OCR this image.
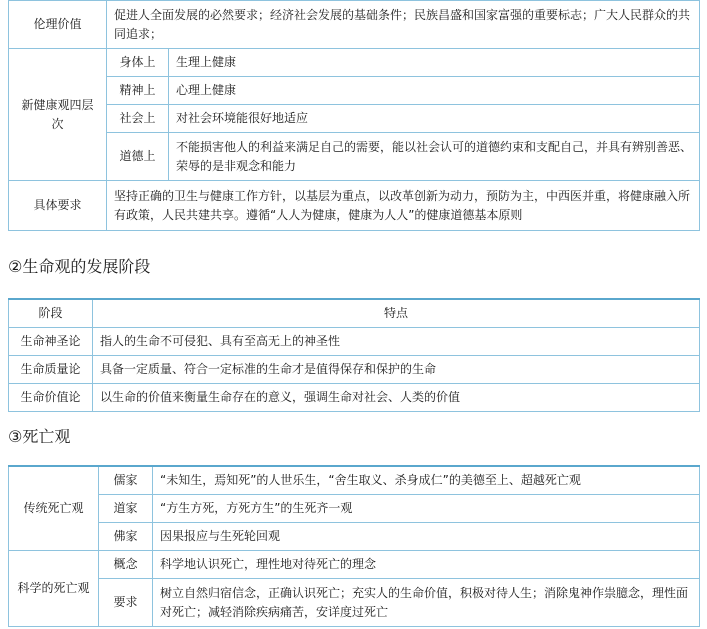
伦理价值	促进人全面发展的必然要求；经济社会发展的基础条件；民族昌盛和国家富强的重要标志；广大人民群众的共同追求；	
新健康观四层次	身体上	生理上健康
	精神上	心理上健康
	社会上	对社会环境能很好地适应
	道德上	不能损害他人的利益来满足自己的需要，能以社会认可的道德约束和支配自己，并具有辨别善恶、荣辱的是非观念和能力
具体要求	坚持正确的卫生与健康工作方针，以基层为重点，以改革创新为动力，预防为主，中西医并重，将健康融入所有政策，人民共建共享。遵循“人人为健康，健康为人人”的健康道德基本原则	
②生命观的发展阶段
阶段	特点
生命神圣论	指人的生命不可侵犯、具有至高无上的神圣性
生命质量论	具备一定质量、符合一定标准的生命才是值得保存和保护的生命
生命价值论	以生命的价值来衡量生命存在的意义，强调生命对社会、人类的价值
③死亡观
传统死亡观	儒家	“未知生，焉知死”的人世乐生，“舍生取义、杀身成仁”的美德至上、超越死亡观
	道家	“方生方死，方死方生”的生死齐一观
	佛家	因果报应与生死轮回观
科学的死亡观	概念	科学地认识死亡，理性地对待死亡的理念
	要求	树立自然归宿信念，正确认识死亡；充实人的生命价值，积极对待人生；消除鬼神作祟臆念，理性面对死亡；减轻消除疾病痛苦，安详度过死亡
